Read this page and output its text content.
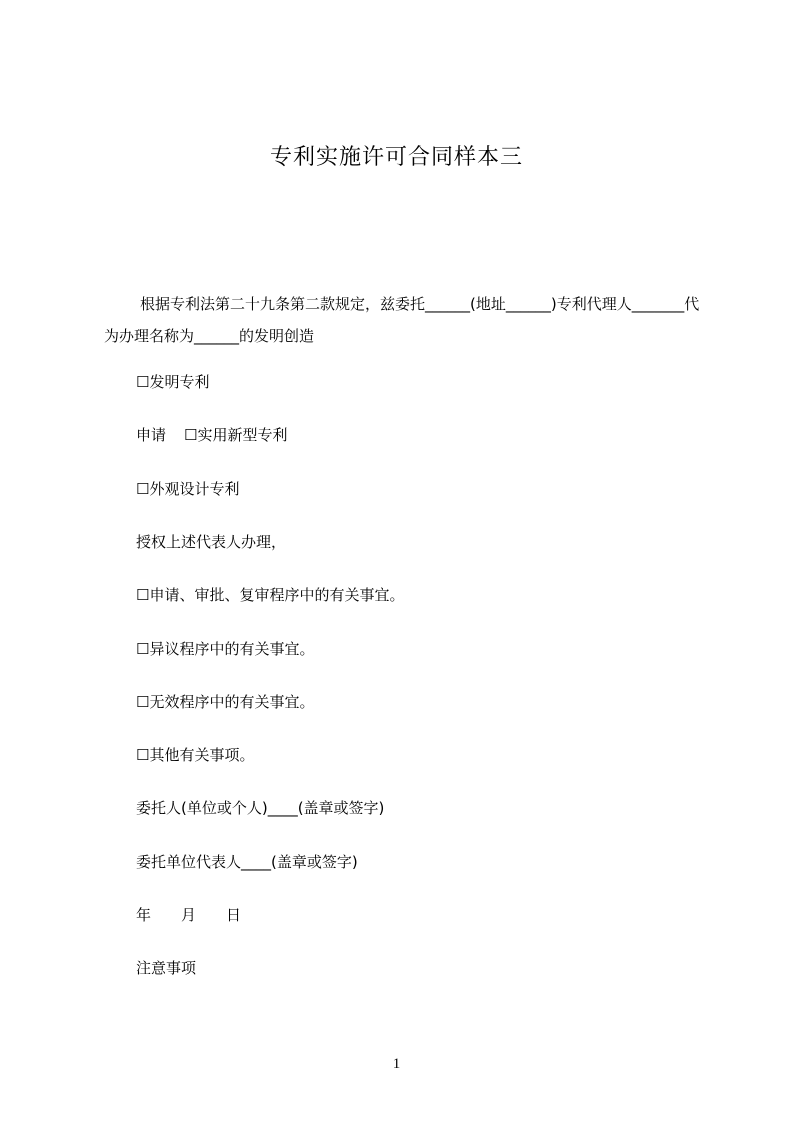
专利实施许可合同样本三

根据专利法第二十九条第二款规定，兹委托______(地址______)专利代理人_______代为办理名称为______的发明创造

☐发明专利

申请 ☐实用新型专利

☐外观设计专利

授权上述代表人办理，

☐申请、审批、复审程序中的有关事宜。

☐异议程序中的有关事宜。

☐无效程序中的有关事宜。

☐其他有关事项。

委托人(单位或个人)____(盖章或签字)

委托单位代表人____(盖章或签字)

年 月 日

注意事项

1
